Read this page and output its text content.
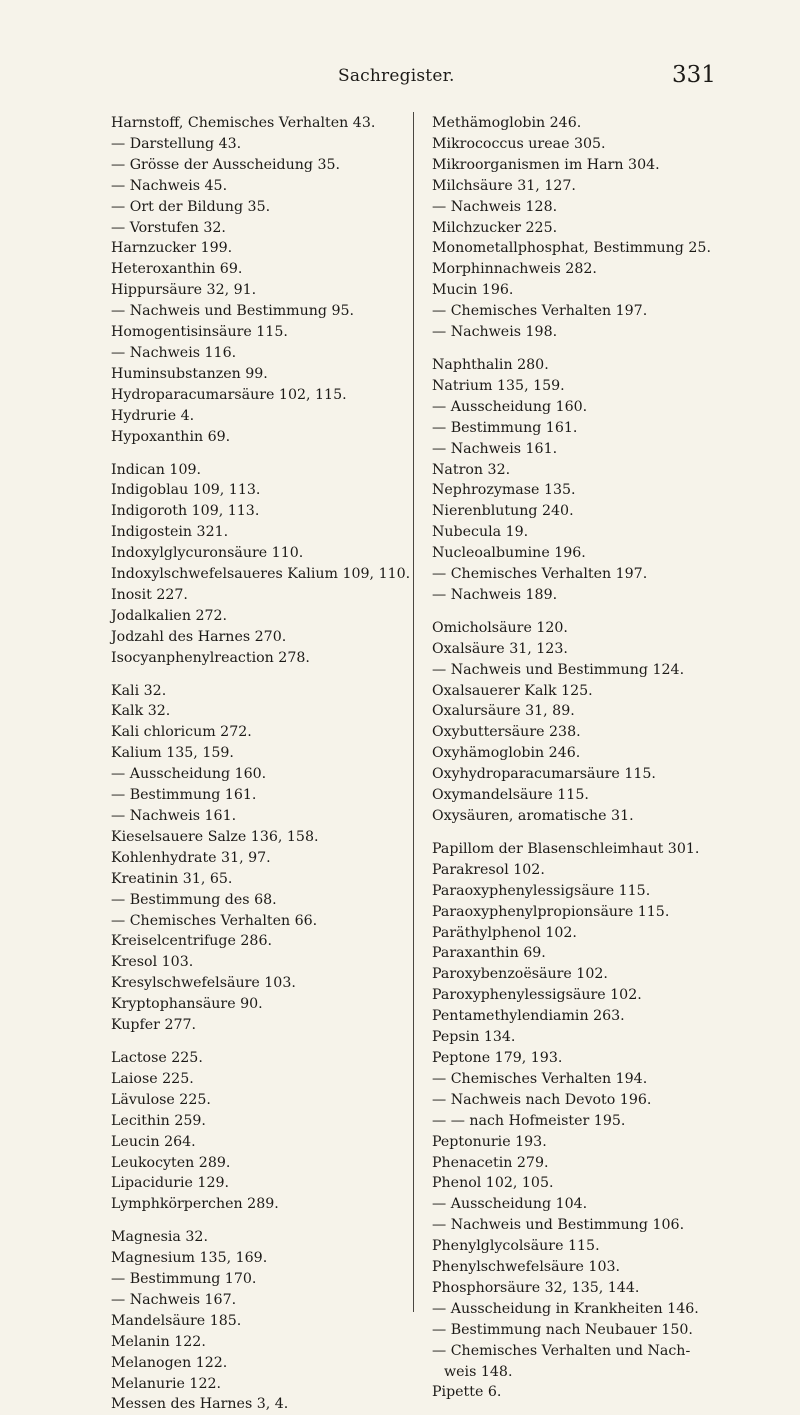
Sachregister.	331
Harnstoff, Chemisches Verhalten 43.
— Darstellung 43.
— Grösse der Ausscheidung 35.
— Nachweis 45.
— Ort der Bildung 35.
— Vorstufen 32.
Harnzucker 199.
Heteroxanthin 69.
Hippursäure 32, 91.
— Nachweis und Bestimmung 95.
Homogentisinsäure 115.
— Nachweis 116.
Huminsubstanzen 99.
Hydroparacumarsäure 102, 115.
Hydrurie 4.
Hypoxanthin 69.
Indican 109.
Indigoblau 109, 113.
Indigoroth 109, 113.
Indigostein 321.
Indoxylglycuronsäure 110.
Indoxylschwefelsaueres Kalium 109, 110.
Inosit 227.
Jodalkalien 272.
Jodzahl des Harnes 270.
Isocyanphenylreaction 278.
Kali 32.
Kalk 32.
Kali chloricum 272.
Kalium 135, 159.
— Ausscheidung 160.
— Bestimmung 161.
— Nachweis 161.
Kieselsauere Salze 136, 158.
Kohlenhydrate 31, 97.
Kreatinin 31, 65.
— Bestimmung des 68.
— Chemisches Verhalten 66.
Kreiselcentrifuge 286.
Kresol 103.
Kresylschwefelsäure 103.
Kryptophansäure 90.
Kupfer 277.
Lactose 225.
Laiose 225.
Lävulose 225.
Lecithin 259.
Leucin 264.
Leukocyten 289.
Lipacidurie 129.
Lymphkörperchen 289.
Magnesia 32.
Magnesium 135, 169.
— Bestimmung 170.
— Nachweis 167.
Mandelsäure 185.
Melanin 122.
Melanogen 122.
Melanurie 122.
Messen des Harnes 3, 4.
Methämoglobin 246.
Mikrococcus ureae 305.
Mikroorganismen im Harn 304.
Milchsäure 31, 127.
— Nachweis 128.
Milchzucker 225.
Monometallphosphat, Bestimmung 25.
Morphinnachweis 282.
Mucin 196.
— Chemisches Verhalten 197.
— Nachweis 198.
Naphthalin 280.
Natrium 135, 159.
— Ausscheidung 160.
— Bestimmung 161.
— Nachweis 161.
Natron 32.
Nephrozymase 135.
Nierenblutung 240.
Nubecula 19.
Nucleoalbumine 196.
— Chemisches Verhalten 197.
— Nachweis 189.
Omicholsäure 120.
Oxalsäure 31, 123.
— Nachweis und Bestimmung 124.
Oxalsauerer Kalk 125.
Oxalursäure 31, 89.
Oxybuttersäure 238.
Oxyhämoglobin 246.
Oxyhydroparacumarsäure 115.
Oxymandelsäure 115.
Oxysäuren, aromatische 31.
Papillom der Blasenschleimhaut 301.
Parakresol 102.
Paraoxyphenylessigsäure 115.
Paraoxyphenylpropionsäure 115.
Paräthylphenol 102.
Paraxanthin 69.
Paroxybenzoësäure 102.
Paroxyphenylessigsäure 102.
Pentamethylendiamin 263.
Pepsin 134.
Peptone 179, 193.
— Chemisches Verhalten 194.
— Nachweis nach Devoto 196.
— — nach Hofmeister 195.
Peptonurie 193.
Phenacetin 279.
Phenol 102, 105.
— Ausscheidung 104.
— Nachweis und Bestimmung 106.
Phenylglycolsäure 115.
Phenylschwefelsäure 103.
Phosphorsäure 32, 135, 144.
— Ausscheidung in Krankheiten 146.
— Bestimmung nach Neubauer 150.
— Chemisches Verhalten und Nach-
weis 148.
Pipette 6.
